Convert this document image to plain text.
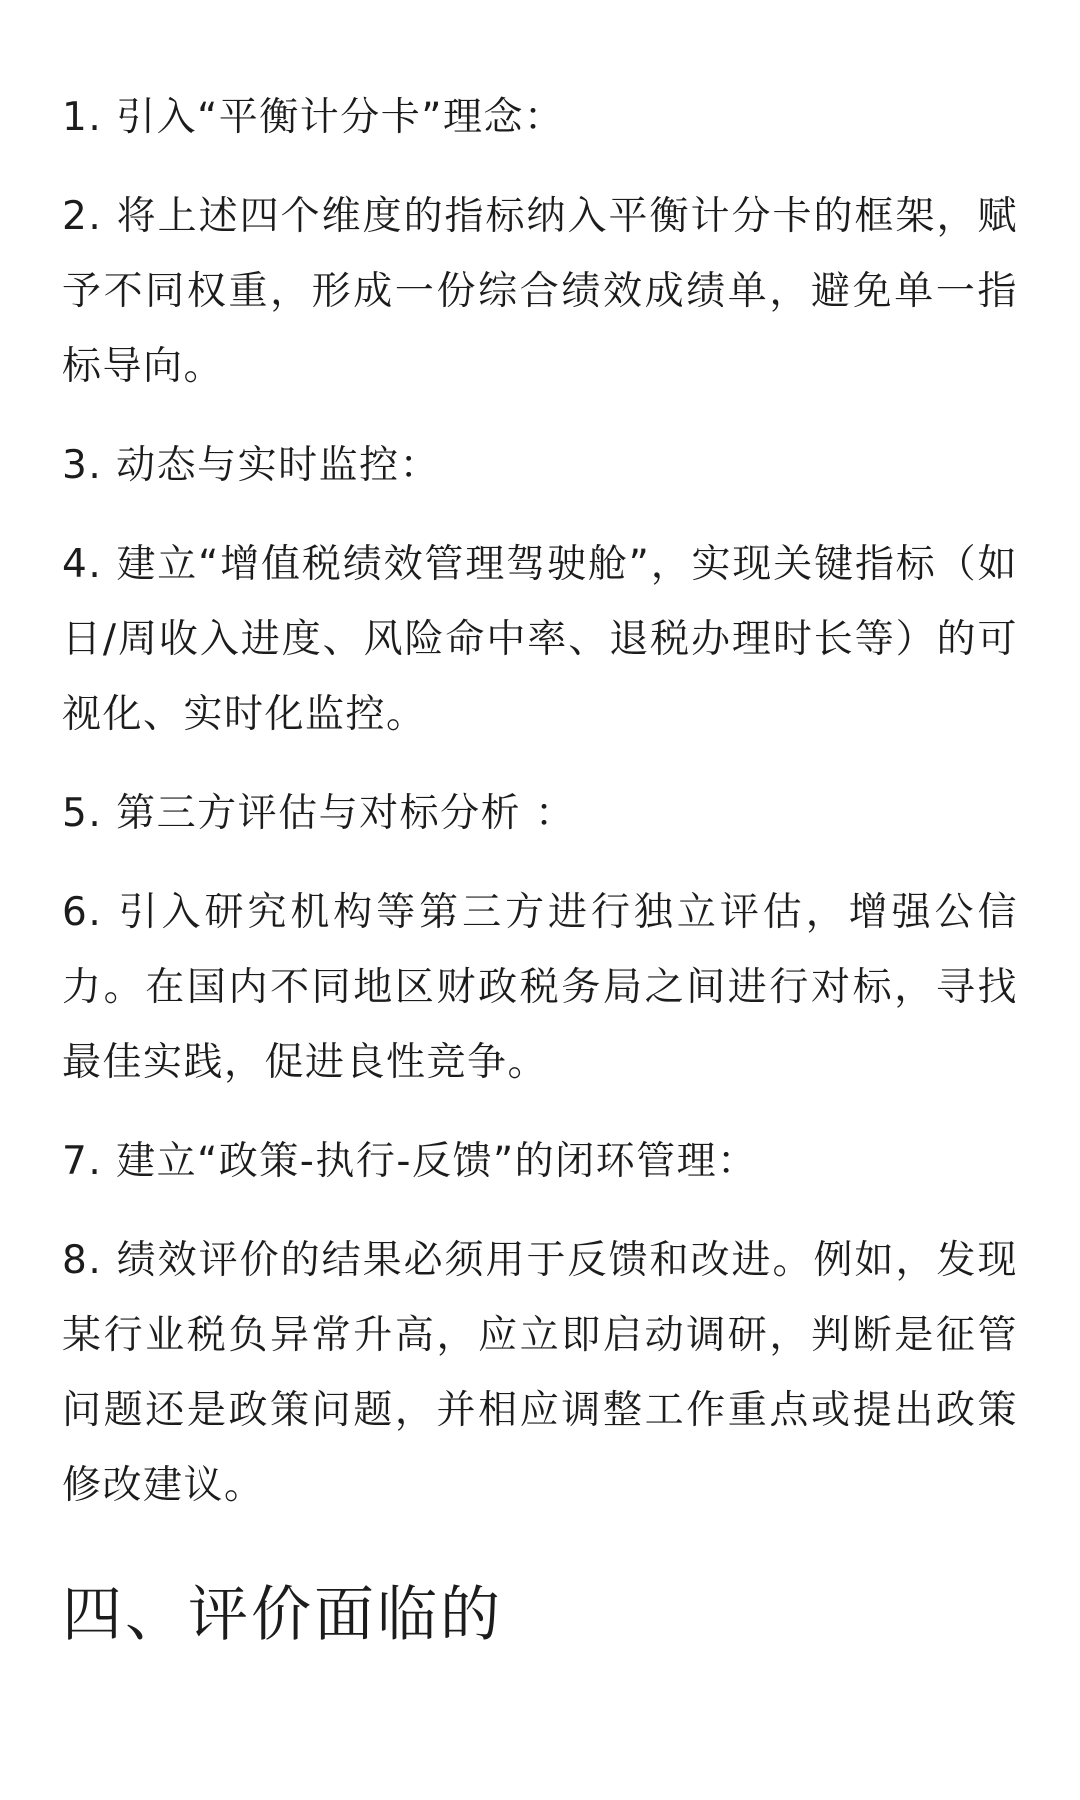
1. 引入“平衡计分卡”理念：

2. 将上述四个维度的指标纳入平衡计分卡的框架，赋予不同权重，形成一份综合绩效成绩单，避免单一指标导向。

3. 动态与实时监控：

4. 建立“增值税绩效管理驾驶舱”，实现关键指标（如日/周收入进度、风险命中率、退税办理时长等）的可视化、实时化监控。

5. 第三方评估与对标分析 ：

6. 引入研究机构等第三方进行独立评估，增强公信力。在国内不同地区财政税务局之间进行对标，寻找最佳实践，促进良性竞争。

7. 建立“政策-执行-反馈”的闭环管理：

8. 绩效评价的结果必须用于反馈和改进。例如，发现某行业税负异常升高，应立即启动调研，判断是征管问题还是政策问题，并相应调整工作重点或提出政策修改建议。

四、评价面临的
